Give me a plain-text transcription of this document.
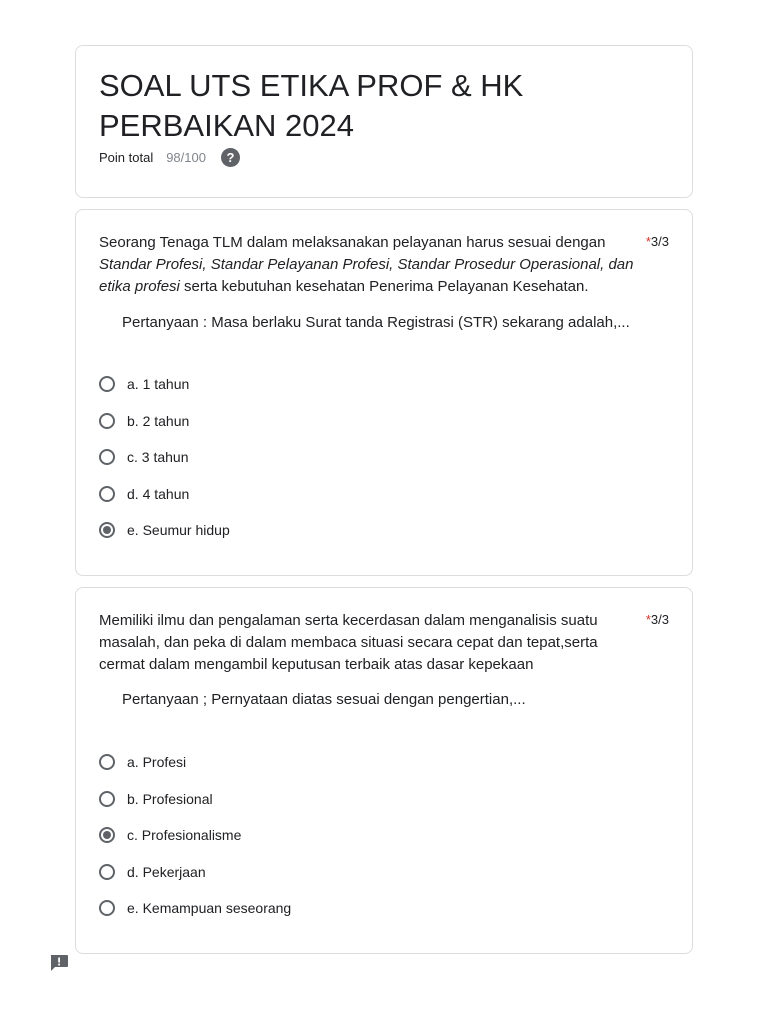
SOAL UTS ETIKA PROF & HK PERBAIKAN 2024
Poin total 98/100	?
Seorang Tenaga TLM dalam melaksanakan pelayanan harus sesuai dengan Standar Profesi, Standar Pelayanan Profesi, Standar Prosedur Operasional, dan etika profesi serta kebutuhan kesehatan Penerima Pelayanan Kesehatan.
*3/3
Pertanyaan : Masa berlaku Surat tanda Registrasi (STR) sekarang adalah,...
a. 1 tahun
b. 2 tahun
c. 3 tahun
d. 4 tahun
e. Seumur hidup
Memiliki ilmu dan pengalaman serta kecerdasan dalam menganalisis suatu masalah, dan peka di dalam membaca situasi secara cepat dan tepat,serta cermat dalam mengambil keputusan terbaik atas dasar kepekaan
*3/3
Pertanyaan ; Pernyataan diatas sesuai dengan pengertian,...
a. Profesi
b. Profesional
c. Profesionalisme
d. Pekerjaan
e. Kemampuan seseorang
